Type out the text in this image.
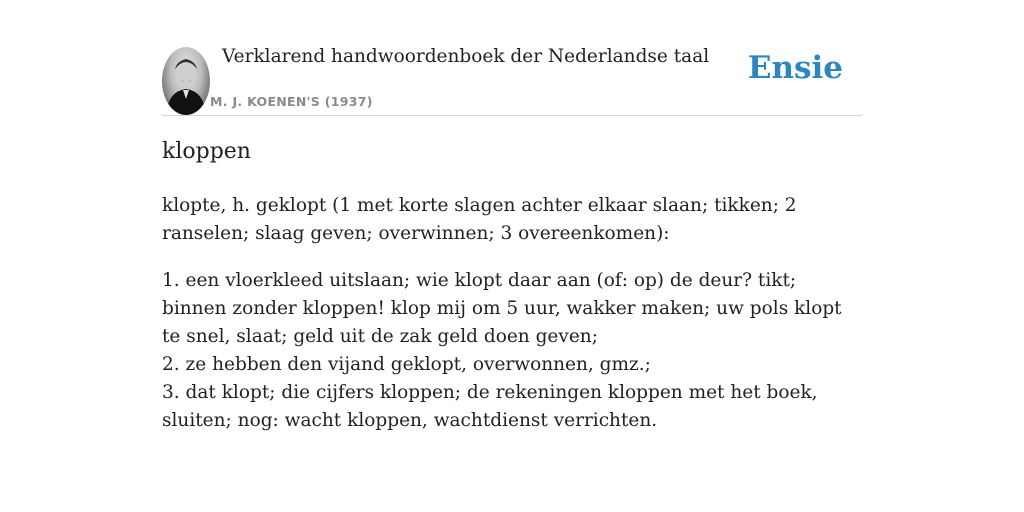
Verklarend handwoordenboek der Nederlandse taal
M. J. KOENEN'S (1937)
Ensie
kloppen

klopte, h. geklopt (1 met korte slagen achter elkaar slaan; tikken; 2 ranselen; slaag geven; overwinnen; 3 overeenkomen):

1. een vloerkleed uitslaan; wie klopt daar aan (of: op) de deur? tikt; binnen zonder kloppen! klop mij om 5 uur, wakker maken; uw pols klopt te snel, slaat; geld uit de zak geld doen geven;
2. ze hebben den vijand geklopt, overwonnen, gmz.;
3. dat klopt; die cijfers kloppen; de rekeningen kloppen met het boek, sluiten; nog: wacht kloppen, wachtdienst verrichten.
